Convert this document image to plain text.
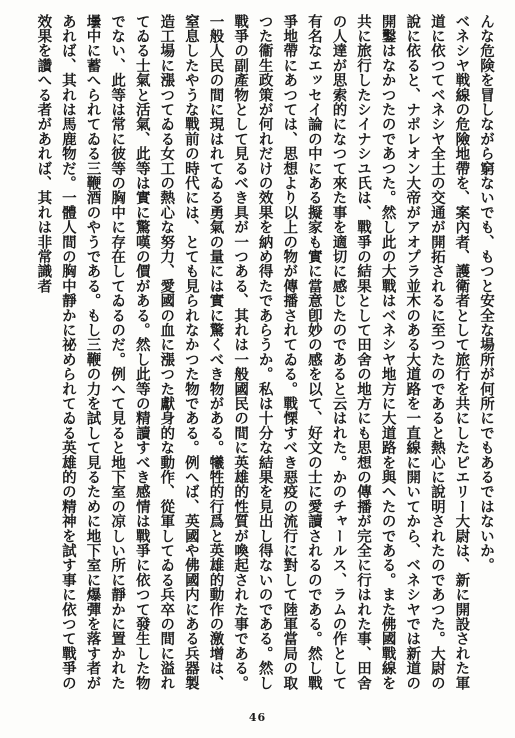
んな危険を冒しながら窮ないでも、もつと安全な場所が何所にでもあるではないか。

ベネシヤ戦線の危險地帶を、案內者、護衛者として旅行を共にしたピエリー大尉は、新に開設された軍道に依つてベネシヤ全土の交通が開拓されるに至つたのであると熱心に說明されたのであつた。大尉の說に依ると、ナポレオン大帝がアオプラ並木のある大道路を一直線に開いてから、ベネシヤでは新道の開鑿はなかつたのであつた。然し此の大戰はベネシヤ地方に大道路を與へたのである。また佛國戰線を共に旅行したシイナシユ氏は、戰爭の結果として田舍の地方にも思想の傳播が完全に行はれた事、田舍の人達が思索的になつて來た事を適切に感じたのであると云はれた。かのチャールス、ラムの作として有名なエッセイ論の中にある擬家も實に當意卽妙の感を以て、好文の士に愛讀されるのである。然し戰爭地帶にあつては、思想より以上の物が傳播されてゐる。戰慄すべき惡疫の流行に對して陸軍當局の取つた衞生政策が何れだけの效果を納め得たであらうか。私は十分な結果を見出し得ないのである。然し戰爭の副產物として見るべき具が一つある、其れは一般國民の間に英雄的性質が喚起された事である。一般人民の間に現はれてゐる勇氣の量には實に驚くべき物がある。犧牲的行爲と英雄的動作の激增は、窒息したやうな戰前の時代には、とても見られなかつた物である。例へば、英國や佛國内にある兵器製造工場に漲つてゐる女工の熱心な努力、愛國の血に漲つた獻身的な動作、從軍してゐる兵卒の間に溢れてゐる士氣と活氣、此等は實に驚嘆の價がある。然し此等の精讀すべき感情は戰爭に依つて發生した物でない、此等は常に彼等の胸中に存在してゐるのだ。例へて見ると地下室の凉しい所に靜かに置かれた壜中に蓄へられてゐる三鞭酒のやうである。もし三鞭の力を試して見るために地下室に爆彈を落す者があれば、其れは馬鹿物だ。一體人間の胸中靜かに祕められてゐる英雄的の精神を試す事に依つて戰爭の效果を讚へる者があれば、其れは非常識者

46
